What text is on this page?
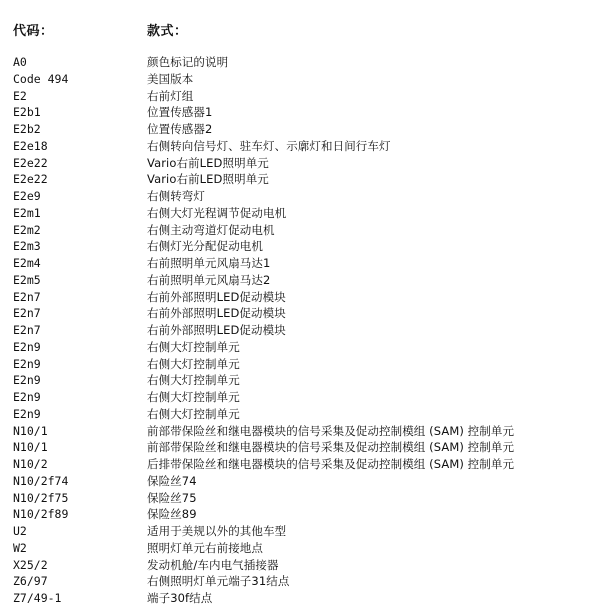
代码：	款式：
A0	颜色标记的说明
Code 494	美国版本
E2	右前灯组
E2b1	位置传感器1
E2b2	位置传感器2
E2e18	右侧转向信号灯、驻车灯、示廓灯和日间行车灯
E2e22	Vario右前LED照明单元
E2e22	Vario右前LED照明单元
E2e9	右侧转弯灯
E2m1	右侧大灯光程调节促动电机
E2m2	右侧主动弯道灯促动电机
E2m3	右侧灯光分配促动电机
E2m4	右前照明单元风扇马达1
E2m5	右前照明单元风扇马达2
E2n7	右前外部照明LED促动模块
E2n7	右前外部照明LED促动模块
E2n7	右前外部照明LED促动模块
E2n9	右侧大灯控制单元
E2n9	右侧大灯控制单元
E2n9	右侧大灯控制单元
E2n9	右侧大灯控制单元
E2n9	右侧大灯控制单元
N10/1	前部带保险丝和继电器模块的信号采集及促动控制模组 (SAM) 控制单元
N10/1	前部带保险丝和继电器模块的信号采集及促动控制模组 (SAM) 控制单元
N10/2	后排带保险丝和继电器模块的信号采集及促动控制模组 (SAM) 控制单元
N10/2f74	保险丝74
N10/2f75	保险丝75
N10/2f89	保险丝89
U2	适用于美规以外的其他车型
W2	照明灯单元右前接地点
X25/2	发动机舱/车内电气插接器
Z6/97	右侧照明灯单元端子31结点
Z7/49-1	端子30f结点
